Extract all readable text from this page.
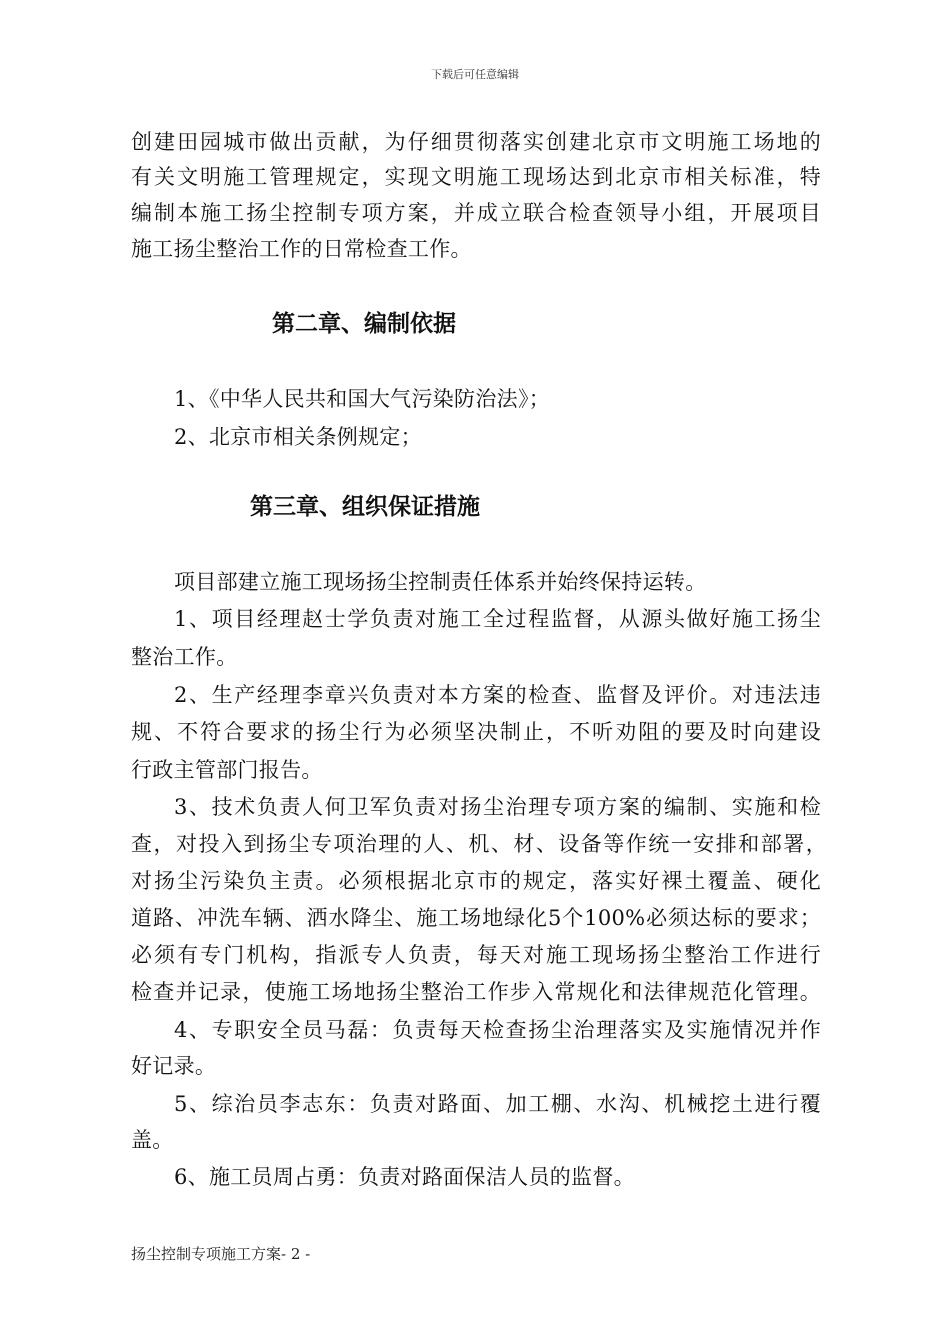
下载后可任意编辑
创建田园城市做出贡献，为仔细贯彻落实创建北京市文明施工场地的
有关文明施工管理规定，实现文明施工现场达到北京市相关标准，特
编制本施工扬尘控制专项方案，并成立联合检查领导小组，开展项目
施工扬尘整治工作的日常检查工作。
第二章、编制依据
1、《中华人民共和国大气污染防治法》；
2、北京市相关条例规定；
第三章、组织保证措施
项目部建立施工现场扬尘控制责任体系并始终保持运转。
1、项目经理赵士学负责对施工全过程监督，从源头做好施工扬尘
整治工作。
2、生产经理李章兴负责对本方案的检查、监督及评价。对违法违
规、不符合要求的扬尘行为必须坚决制止，不听劝阻的要及时向建设
行政主管部门报告。
3、技术负责人何卫军负责对扬尘治理专项方案的编制、实施和检
查，对投入到扬尘专项治理的人、机、材、设备等作统一安排和部署，
对扬尘污染负主责。必须根据北京市的规定，落实好裸土覆盖、硬化
道路、冲洗车辆、洒水降尘、施工场地绿化5个100%必须达标的要求；
必须有专门机构，指派专人负责，每天对施工现场扬尘整治工作进行
检查并记录，使施工场地扬尘整治工作步入常规化和法律规范化管理。
4、专职安全员马磊：负责每天检查扬尘治理落实及实施情况并作
好记录。
5、综治员李志东：负责对路面、加工棚、水沟、机械挖土进行覆
盖。
6、施工员周占勇：负责对路面保洁人员的监督。
扬尘控制专项施工方案- 2 -
